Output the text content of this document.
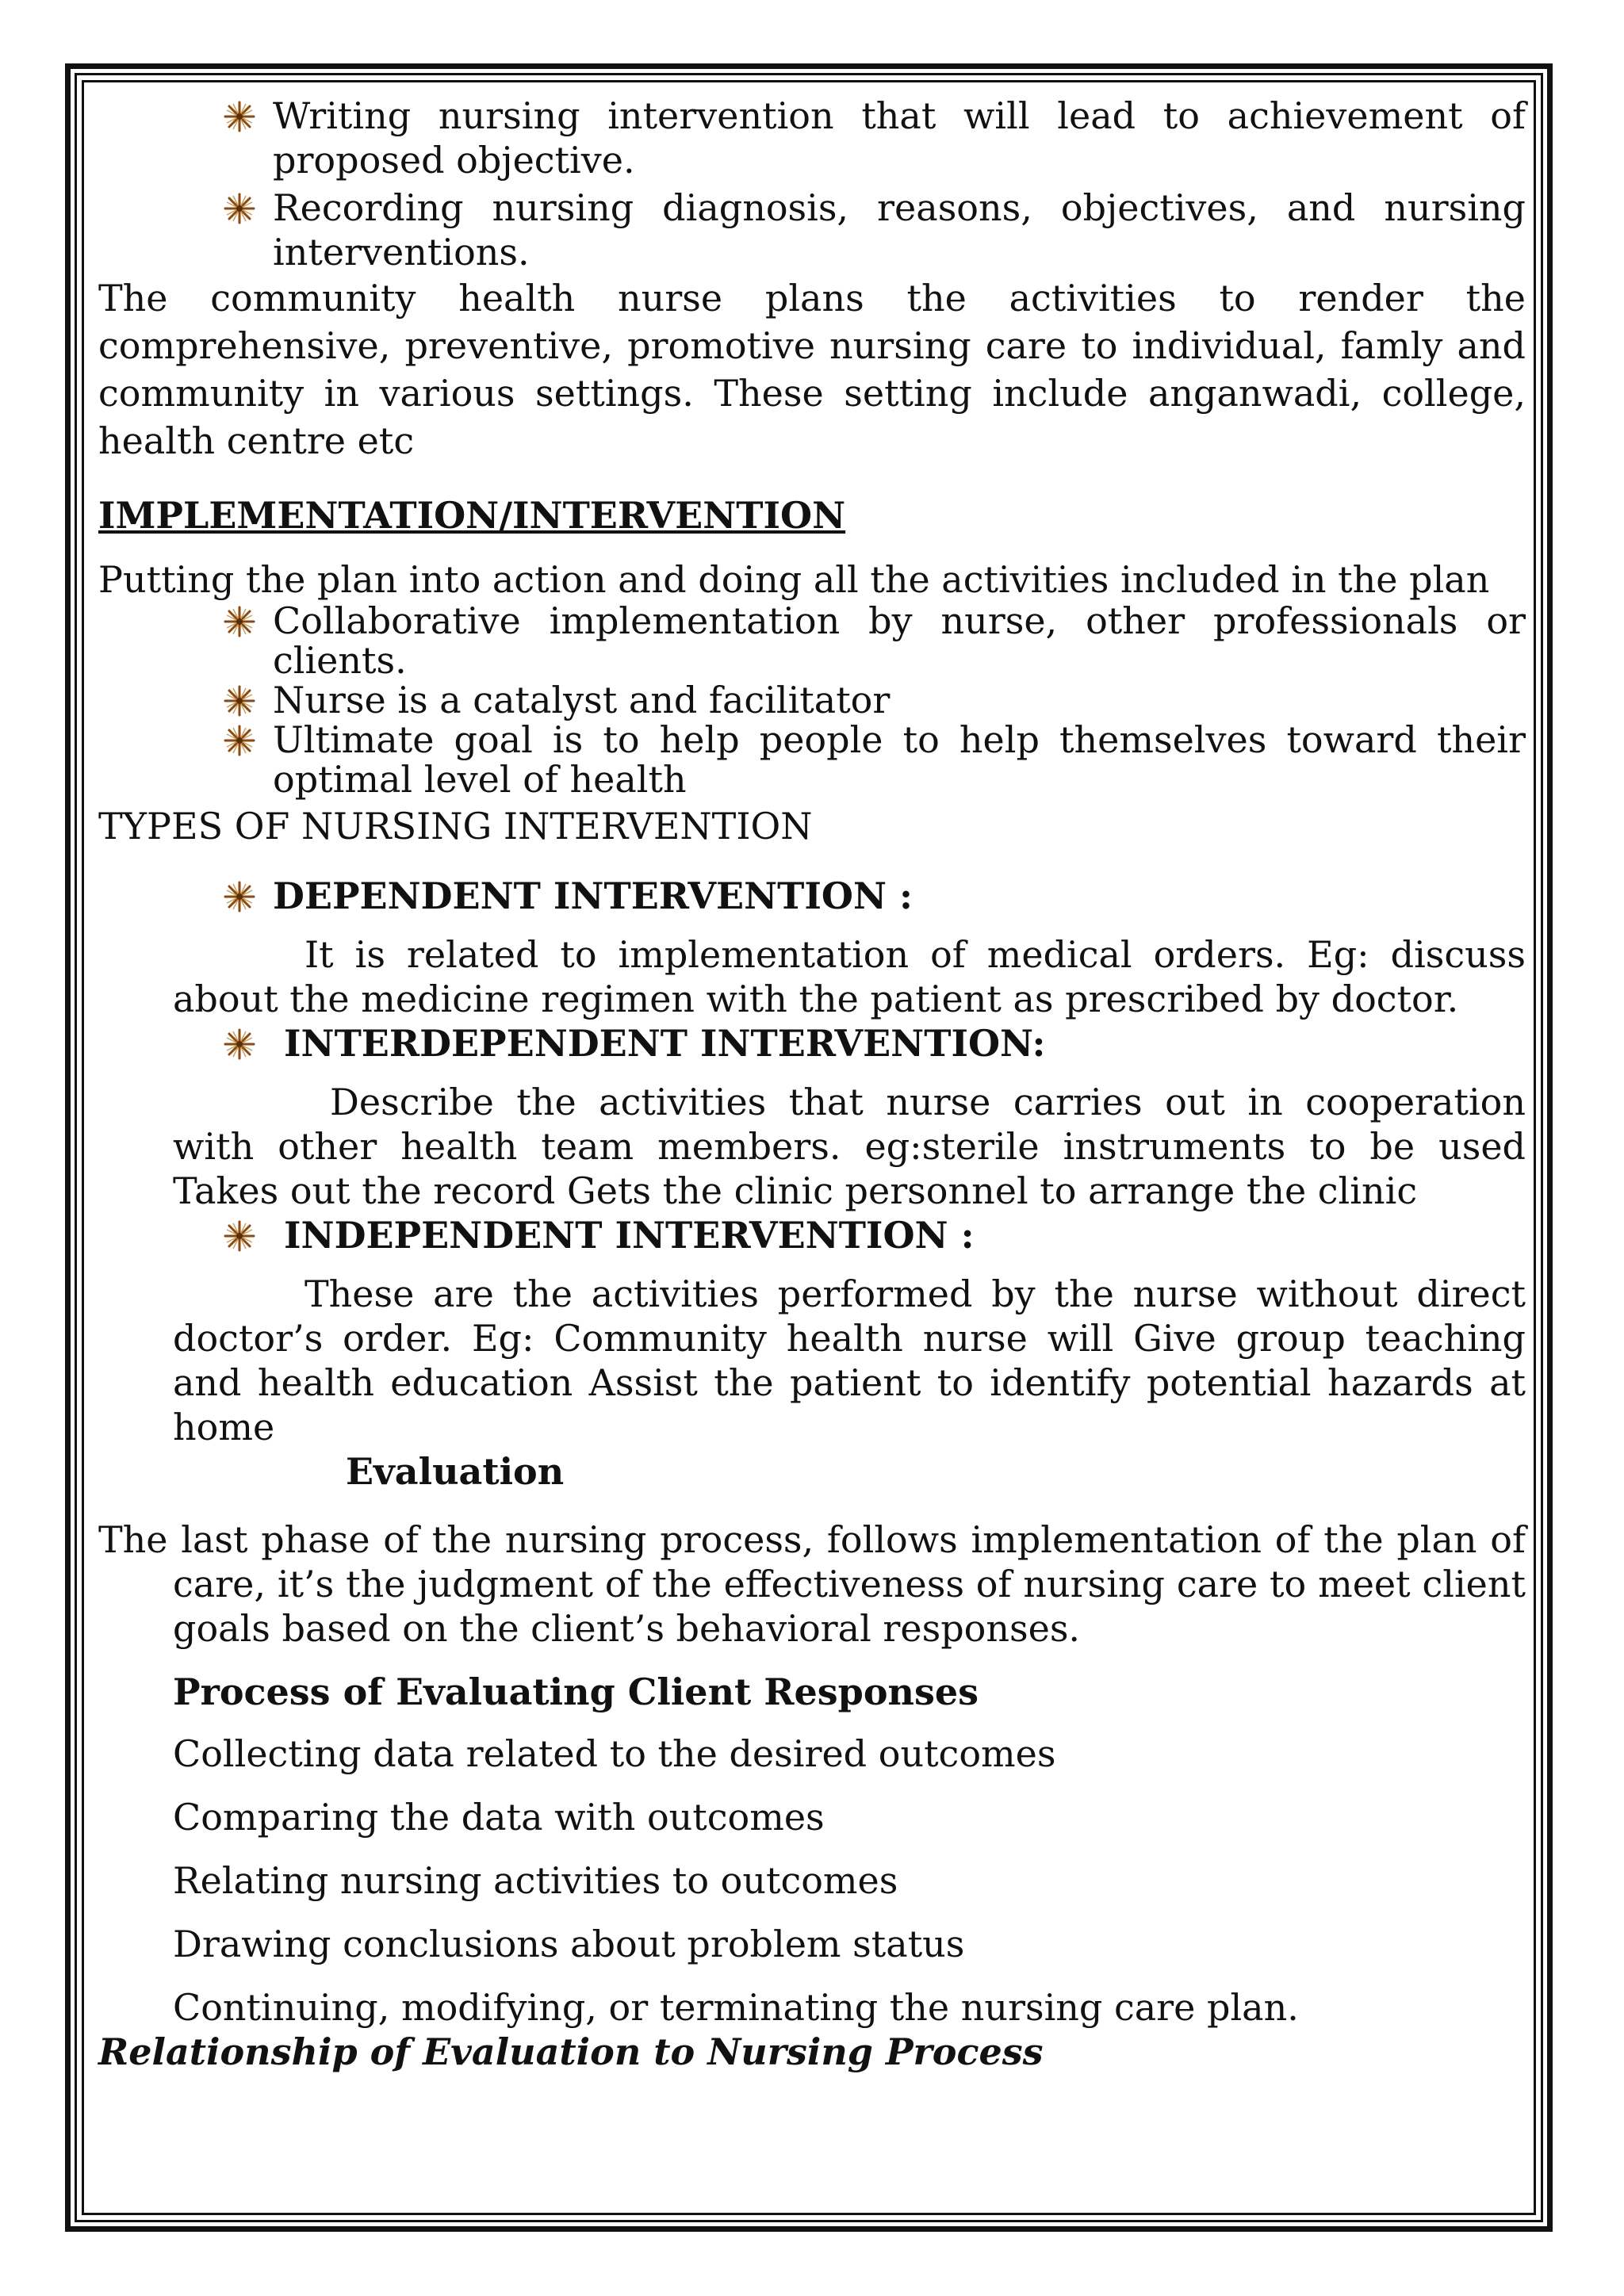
Writing nursing intervention that will lead to achievement of proposed objective.
Recording nursing diagnosis, reasons, objectives, and nursing interventions.

The community health nurse plans the activities to render the comprehensive, preventive, promotive nursing care to individual, famly and community in various settings. These setting include anganwadi, college, health centre etc

IMPLEMENTATION/INTERVENTION

Putting the plan into action and doing all the activities included in the plan

Collaborative implementation by nurse, other professionals or clients.
Nurse is a catalyst and facilitator
Ultimate goal is to help people to help themselves toward their optimal level of health

TYPES OF NURSING INTERVENTION

DEPENDENT INTERVENTION :

It is related to implementation of medical orders. Eg: discuss about the medicine regimen with the patient as prescribed by doctor.

INTERDEPENDENT INTERVENTION:

Describe the activities that nurse carries out in cooperation with other health team members. eg:sterile instruments to be used Takes out the record Gets the clinic personnel to arrange the clinic

INDEPENDENT INTERVENTION :

These are the activities performed by the nurse without direct doctor’s order. Eg: Community health nurse will Give group teaching and health education Assist the patient to identify potential hazards at home

Evaluation

The last phase of the nursing process, follows implementation of the plan of care, it’s the judgment of the effectiveness of nursing care to meet client goals based on the client’s behavioral responses.

Process of Evaluating Client Responses

Collecting data related to the desired outcomes

Comparing the data with outcomes

Relating nursing activities to outcomes

Drawing conclusions about problem status

Continuing, modifying, or terminating the nursing care plan.

Relationship of Evaluation to Nursing Process
